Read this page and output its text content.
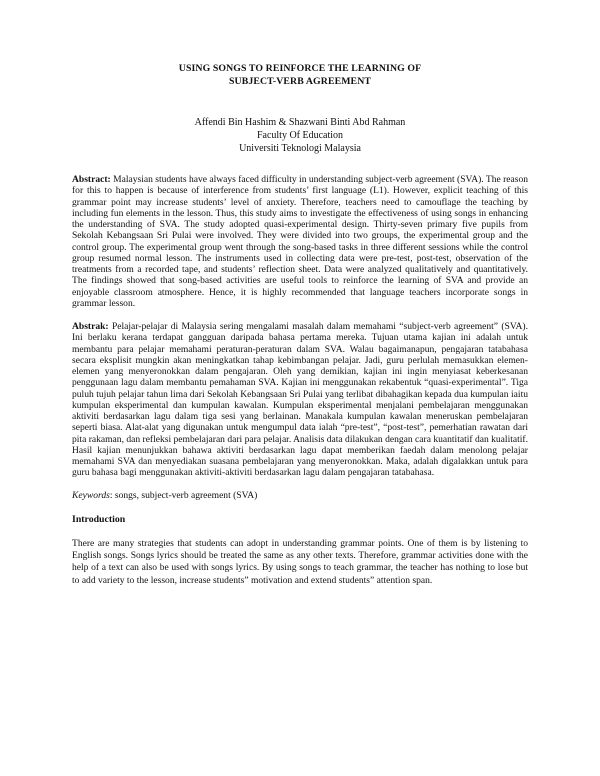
USING SONGS TO REINFORCE THE LEARNING OF
SUBJECT-VERB AGREEMENT
Affendi Bin Hashim & Shazwani Binti Abd Rahman
Faculty Of Education
Universiti Teknologi Malaysia

Abstract: Malaysian students have always faced difficulty in understanding subject-verb agreement (SVA). The reason for this to happen is because of interference from students’ first language (L1). However, explicit teaching of this grammar point may increase students’ level of anxiety. Therefore, teachers need to camouflage the teaching by including fun elements in the lesson. Thus, this study aims to investigate the effectiveness of using songs in enhancing the understanding of SVA. The study adopted quasi-experimental design. Thirty-seven primary five pupils from Sekolah Kebangsaan Sri Pulai were involved. They were divided into two groups, the experimental group and the control group. The experimental group went through the song-based tasks in three different sessions while the control group resumed normal lesson. The instruments used in collecting data were pre-test, post-test, observation of the treatments from a recorded tape, and students’ reflection sheet. Data were analyzed qualitatively and quantitatively. The findings showed that song-based activities are useful tools to reinforce the learning of SVA and provide an enjoyable classroom atmosphere. Hence, it is highly recommended that language teachers incorporate songs in grammar lesson.

Abstrak: Pelajar-pelajar di Malaysia sering mengalami masalah dalam memahami “subject-verb agreement” (SVA). Ini berlaku kerana terdapat gangguan daripada bahasa pertama mereka. Tujuan utama kajian ini adalah untuk membantu para pelajar memahami peraturan-peraturan dalam SVA. Walau bagaimanapun, pengajaran tatabahasa secara eksplisit mungkin akan meningkatkan tahap kebimbangan pelajar. Jadi, guru perlulah memasukkan elemen-elemen yang menyeronokkan dalam pengajaran. Oleh yang demikian, kajian ini ingin menyiasat keberkesanan penggunaan lagu dalam membantu pemahaman SVA. Kajian ini menggunakan rekabentuk “quasi-experimental”. Tiga puluh tujuh pelajar tahun lima dari Sekolah Kebangsaan Sri Pulai yang terlibat dibahagikan kepada dua kumpulan iaitu kumpulan eksperimental dan kumpulan kawalan. Kumpulan eksperimental menjalani pembelajaran menggunakan aktiviti berdasarkan lagu dalam tiga sesi yang berlainan. Manakala kumpulan kawalan meneruskan pembelajaran seperti biasa. Alat-alat yang digunakan untuk mengumpul data ialah “pre-test”, “post-test”, pemerhatian rawatan dari pita rakaman, dan refleksi pembelajaran dari para pelajar. Analisis data dilakukan dengan cara kuantitatif dan kualitatif. Hasil kajian menunjukkan bahawa aktiviti berdasarkan lagu dapat memberikan faedah dalam menolong pelajar memahami SVA dan menyediakan suasana pembelajaran yang menyeronokkan. Maka, adalah digalakkan untuk para guru bahasa bagi menggunakan aktiviti-aktiviti berdasarkan lagu dalam pengajaran tatabahasa.

Keywords: songs, subject-verb agreement (SVA)

Introduction

There are many strategies that students can adopt in understanding grammar points. One of them is by listening to English songs. Songs lyrics should be treated the same as any other texts. Therefore, grammar activities done with the help of a text can also be used with songs lyrics. By using songs to teach grammar, the teacher has nothing to lose but to add variety to the lesson, increase students” motivation and extend students” attention span.
